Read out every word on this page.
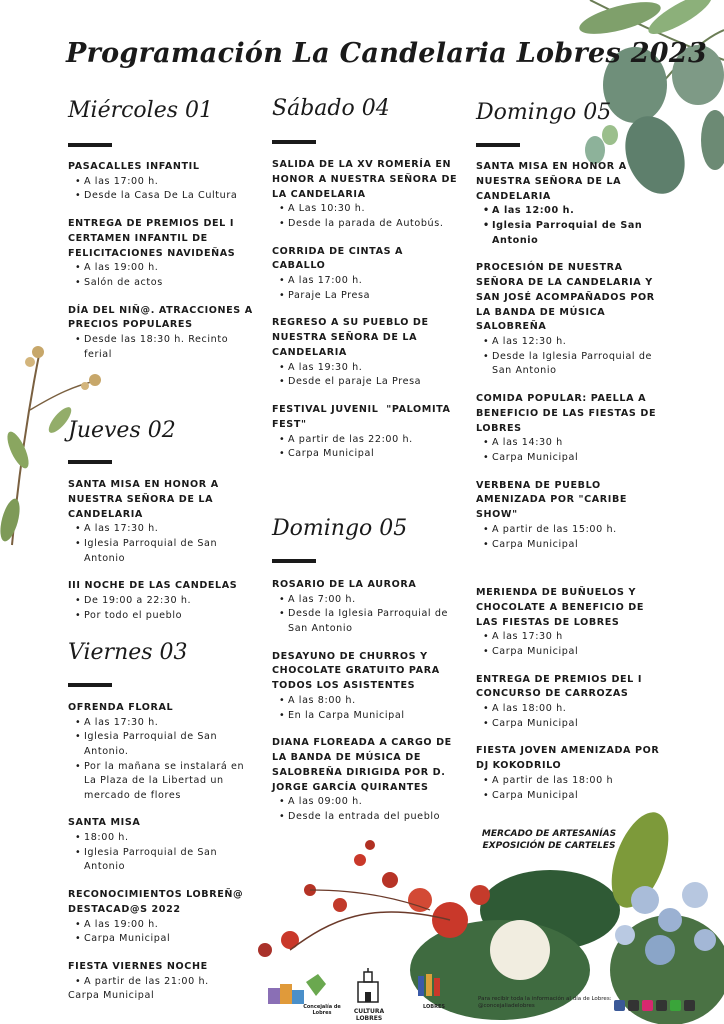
Programación La Candelaria Lobres 2023
Miércoles 01
PASACALLES INFANTIL
• A las 17:00 h.
• Desde la Casa De La Cultura
ENTREGA DE PREMIOS DEL I CERTAMEN INFANTIL DE FELICITACIONES NAVIDEÑAS
• A las 19:00 h.
• Salón de actos
DÍA DEL NIÑ@. ATRACCIONES A PRECIOS POPULARES
• Desde las 18:30 h. Recinto ferial
Jueves 02
SANTA MISA EN HONOR A NUESTRA SEÑORA DE LA CANDELARIA
• A las 17:30 h.
• Iglesia Parroquial de San Antonio
III NOCHE DE LAS CANDELAS
• De 19:00 a 22:30 h.
• Por todo el pueblo
Viernes 03
OFRENDA FLORAL
• A las 17:30 h.
• Iglesia Parroquial de San Antonio.
• Por la mañana se instalará en La Plaza de la Libertad un mercado de flores
SANTA MISA
• 18:00 h.
• Iglesia Parroquial de San Antonio
RECONOCIMIENTOS LOBREÑ@ DESTACAD@S 2022
• A las 19:00 h.
• Carpa Municipal
FIESTA VIERNES NOCHE
• A partir de las 21:00 h.
Carpa Municipal
Sábado 04
SALIDA DE LA XV ROMERÍA EN HONOR A NUESTRA SEÑORA DE LA CANDELARIA
• A Las 10:30 h.
• Desde la parada de Autobús.
CORRIDA DE CINTAS A CABALLO
• A las 17:00 h.
• Paraje La Presa
REGRESO A SU PUEBLO DE NUESTRA SEÑORA DE LA CANDELARIA
• A las 19:30 h.
• Desde el paraje La Presa
FESTIVAL JUVENIL  "PALOMITA FEST"
• A partir de las 22:00 h.
• Carpa Municipal
Domingo 05
ROSARIO DE LA AURORA
• A las 7:00 h.
• Desde la Iglesia Parroquial de San Antonio
DESAYUNO DE CHURROS Y CHOCOLATE GRATUITO PARA TODOS LOS ASISTENTES
• A las 8:00 h.
• En la Carpa Municipal
DIANA FLOREADA A CARGO DE LA BANDA DE MÚSICA DE SALOBREÑA DIRIGIDA POR D. JORGE GARCÍA QUIRANTES
• A las 09:00 h.
• Desde la entrada del pueblo
Domingo 05
SANTA MISA EN HONOR A NUESTRA SEÑORA DE LA CANDELARIA
• A las 12:00 h.
• Iglesia Parroquial de San Antonio
PROCESIÓN DE NUESTRA SEÑORA DE LA CANDELARIA Y SAN JOSÉ ACOMPAÑADOS POR LA BANDA DE MÚSICA SALOBREÑA
• A las 12:30 h.
• Desde la Iglesia Parroquial de San Antonio
COMIDA POPULAR: PAELLA A BENEFICIO DE LAS FIESTAS DE LOBRES
• A las 14:30 h
• Carpa Municipal
VERBENA DE PUEBLO AMENIZADA POR "CARIBE SHOW"
• A partir de las 15:00 h.
• Carpa Municipal
MERIENDA DE BUÑUELOS Y CHOCOLATE A BENEFICIO DE LAS FIESTAS DE LOBRES
• A las 17:30 h
• Carpa Municipal
ENTREGA DE PREMIOS DEL I CONCURSO DE CARROZAS
• A las 18:00 h.
• Carpa Municipal
FIESTA JOVEN AMENIZADA POR DJ KOKODRILO
• A partir de las 18:00 h
• Carpa Municipal
MERCADO DE ARTESANÍAS
EXPOSICIÓN DE CARTELES
Concejalía de Lobres	CULTURA LOBRES
LOBRES
Para recibir toda la información al día de Lobres:
@concejaliadelobres
